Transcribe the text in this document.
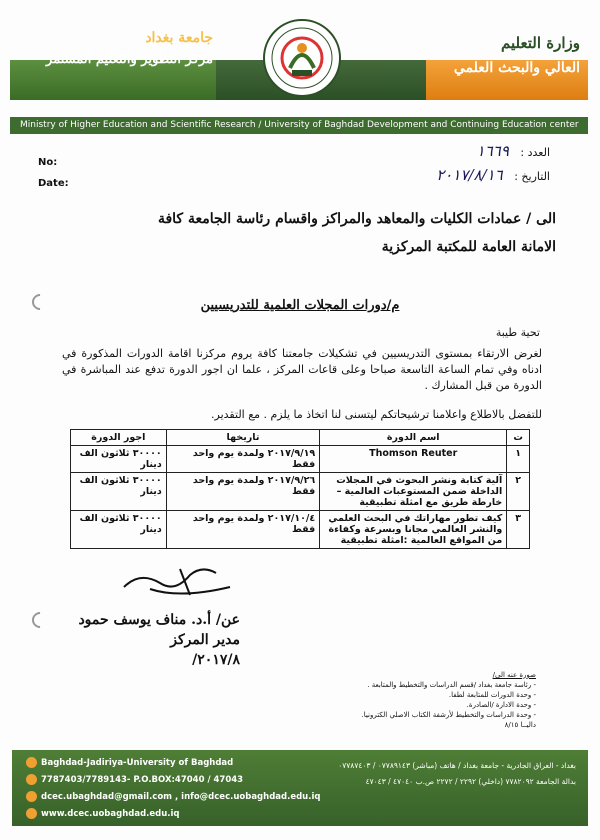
جامعة بغداد
مركز التطوير والتعليم المستمر
وزارة التعليم
العالي والبحث العلمي
Ministry of Higher Education and Scientific Research / University of Baghdad Development and Continuing Education center
No:
Date:
العدد : ١٦٦٩
التاريخ : ٢٠١٧/٨/١٦
الى / عمادات الكليات والمعاهد والمراكز واقسام رئاسة الجامعة كافة
الامانة العامة للمكتبة المركزية
م/دورات المجلات العلمية للتدريسيين
تحية طيبة
لغرض الارتقاء بمستوى التدريسيين في تشكيلات جامعتنا كافة يروم مركزنا اقامة الدورات المذكورة في ادناه وفي تمام الساعة التاسعة صباحا وعلى قاعات المركز ، علما ان اجور الدورة تدفع عند المباشرة في الدورة من قبل المشارك .
للتفضل بالاطلاع واعلامنا ترشيحاتكم ليتسنى لنا اتخاذ ما يلزم . مع التقدير.
ت	اسم الدورة	تاريخها	اجور الدورة
١	Thomson Reuter	٢٠١٧/٩/١٩ ولمدة يوم واحد فقط	٣٠٠٠٠ ثلاثون الف دينار
٢	آلية كتابة ونشر البحوث في المجلات الداخلة ضمن المستوعبات العالمية – خارطة طريق مع امثلة تطبيقية	٢٠١٧/٩/٢٦ ولمدة يوم واحد فقط	٣٠٠٠٠ ثلاثون الف دينار
٣	كيف تطور مهاراتك في البحث العلمي والنشر العالمي مجانا وبسرعة وكفاءة من المواقع العالمية :امثلة تطبيقية	٢٠١٧/١٠/٤ ولمدة يوم واحد فقط	٣٠٠٠٠ ثلاثون الف دينار
عن/ أ.د. مناف يوسف حمود
مدير المركز
٢٠١٧/٨/
صورة عنه الى/
- رئاسة جامعة بغداد /قسم الدراسات والتخطيط والمتابعة .
- وحدة الدورات للمتابعة لطفا.
- وحدة الادارة /الصادرة.
- وحدة الدراسات والتخطيط لأرشفة الكتاب الاصلي الكترونيا.
داليــا ٨/١٥
Baghdad-Jadiriya-University of Baghdad
7787403/7789143- P.O.BOX:47040 / 47043
dcec.ubaghdad@gmail.com , info@dcec.uobaghdad.edu.iq
www.dcec.uobaghdad.edu.iq
بغداد - العراق الجادرية - جامعة بغداد / هاتف (مباشر) ٠٧٧٨٩١٤٣ / ٠٧٧٨٧٤٠٣
بدالة الجامعة ٧٧٨٢٠٩٢ (داخلي) ٢٢٩٢ / ٢٢٧٢ ص.ب ٤٧٠٤٠ / ٤٧٠٤٣
